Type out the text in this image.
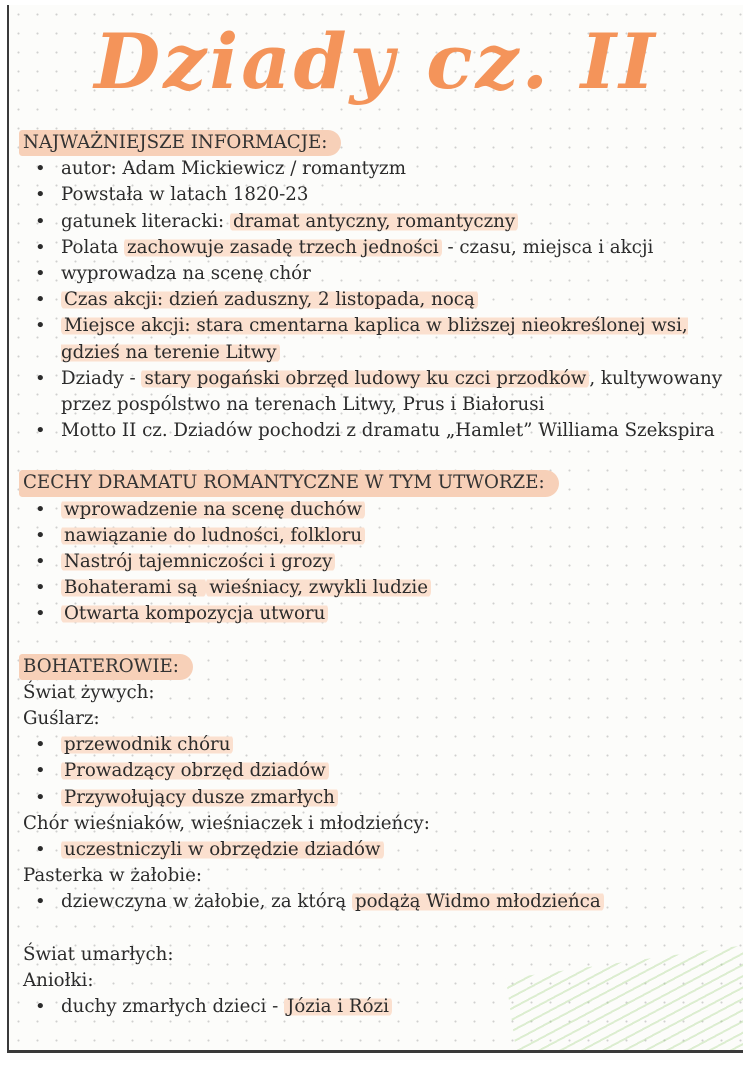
Dziady cz. II
NAJWAŻNIEJSZE INFORMACJE:
• autor: Adam Mickiewicz / romantyzm
• Powstała w latach 1820-23
• gatunek literacki: dramat antyczny, romantyczny
• Polata zachowuje zasadę trzech jedności - czasu, miejsca i akcji
• wyprowadza na scenę chór
• Czas akcji: dzień zaduszny, 2 listopada, nocą
• Miejsce akcji: stara cmentarna kaplica w bliższej nieokreślonej wsi, gdzieś na terenie Litwy
• Dziady - stary pogański obrzęd ludowy ku czci przodków , kultywowany przez pospólstwo na terenach Litwy, Prus i Białorusi
• Motto II cz. Dziadów pochodzi z dramatu „Hamlet” Williama Szekspira
CECHY DRAMATU ROMANTYCZNE W TYM UTWORZE:
• wprowadzenie na scenę duchów
• nawiązanie do ludności, folkloru
• Nastrój tajemniczości i grozy
• Bohaterami są wieśniacy, zwykli ludzie
• Otwarta kompozycja utworu
BOHATEROWIE:
Świat żywych:
Guślarz:
• przewodnik chóru
• Prowadzący obrzęd dziadów
• Przywołujący dusze zmarłych
Chór wieśniaków, wieśniaczek i młodzieńcy:
• uczestniczyli w obrzędzie dziadów
Pasterka w żałobie:
• dziewczyna w żałobie, za którą podążą Widmo młodzieńca
Świat umarłych:
Aniołki:
• duchy zmarłych dzieci - Józia i Rózi
